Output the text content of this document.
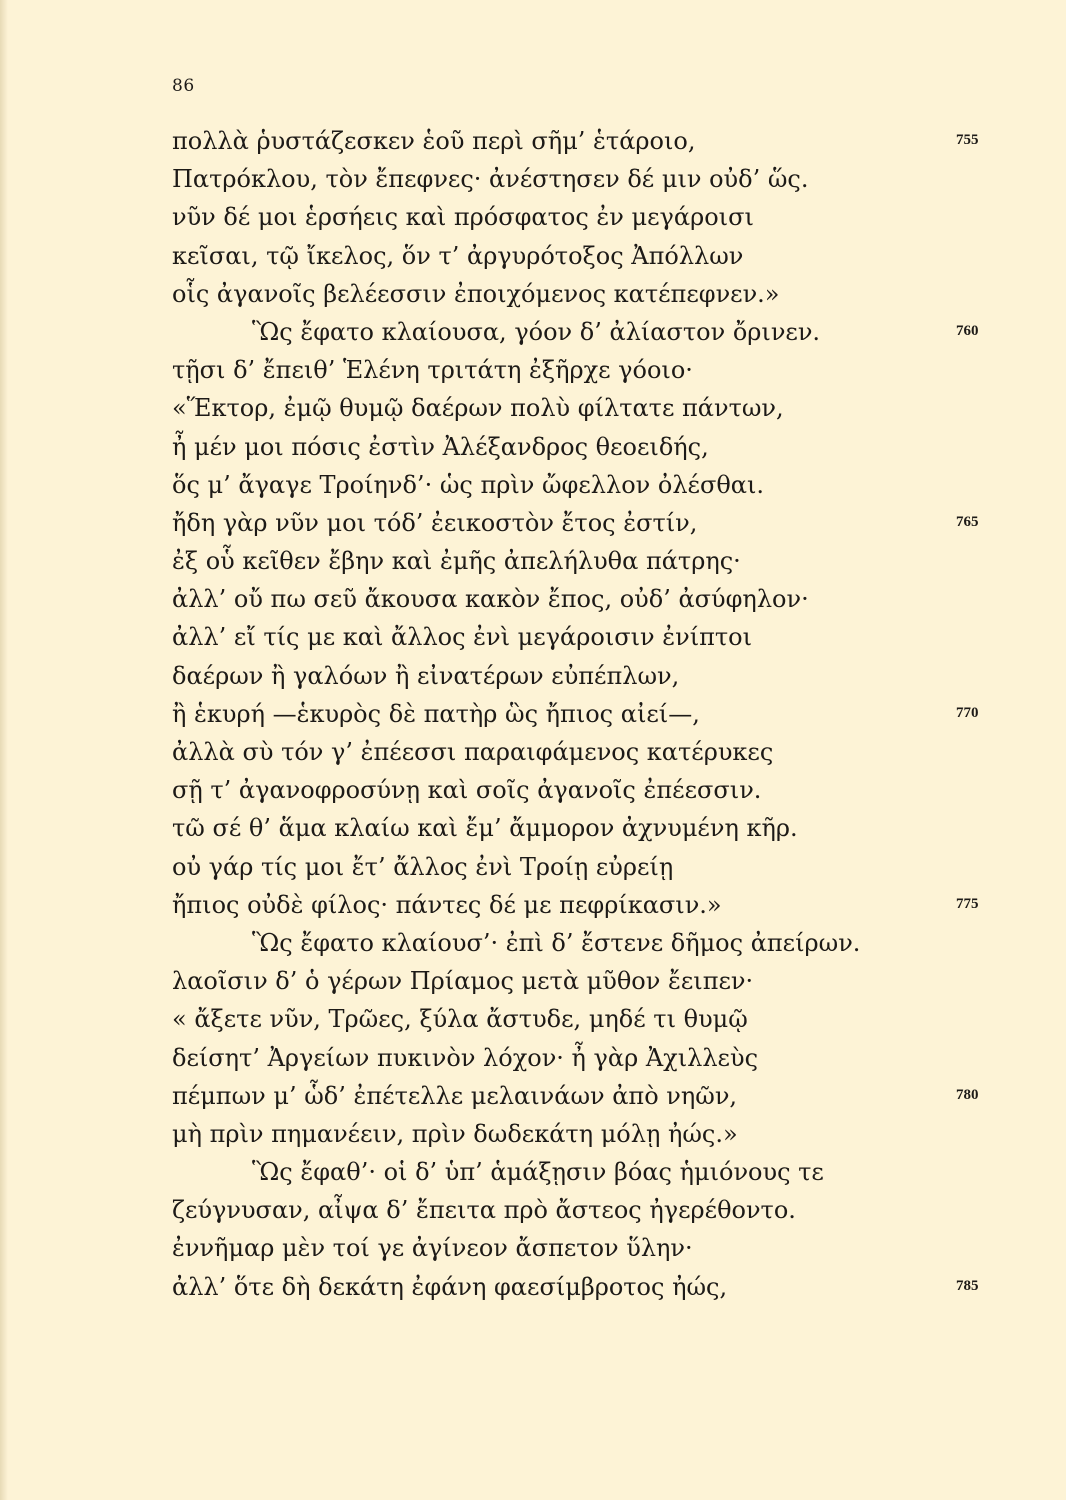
86
πολλὰ ῥυστάζεσκεν ἑοῦ περὶ σῆμ’ ἑτάροιο,	755
Πατρόκλου, τὸν ἔπεφνες· ἀνέστησεν δέ μιν οὐδ’ ὥς.
νῦν δέ μοι ἑρσήεις καὶ πρόσφατος ἐν μεγάροισι
κεῖσαι, τῷ ἴκελος, ὅν τ’ ἀργυρότοξος Ἀπόλλων
οἷς ἀγανοῖς βελέεσσιν ἐποιχόμενος κατέπεφνεν.»
Ὣς ἔφατο κλαίουσα, γόον δ’ ἀλίαστον ὄρινεν.	760
τῇσι δ’ ἔπειθ’ Ἑλένη τριτάτη ἐξῆρχε γόοιο·
«Ἕκτορ, ἐμῷ θυμῷ δαέρων πολὺ φίλτατε πάντων,
ἦ μέν μοι πόσις ἐστὶν Ἀλέξανδρος θεοειδής,
ὅς μ’ ἄγαγε Τροίηνδ’· ὡς πρὶν ὤφελλον ὀλέσθαι.
ἤδη γὰρ νῦν μοι τόδ’ ἐεικοστὸν ἔτος ἐστίν,	765
ἐξ οὗ κεῖθεν ἔβην καὶ ἐμῆς ἀπελήλυθα πάτρης·
ἀλλ’ οὔ πω σεῦ ἄκουσα κακὸν ἔπος, οὐδ’ ἀσύφηλον·
ἀλλ’ εἴ τίς με καὶ ἄλλος ἐνὶ μεγάροισιν ἐνίπτοι
δαέρων ἢ γαλόων ἢ εἰνατέρων εὐπέπλων,
ἢ ἑκυρή —ἑκυρὸς δὲ πατὴρ ὣς ἤπιος αἰεί—,	770
ἀλλὰ σὺ τόν γ’ ἐπέεσσι παραιφάμενος κατέρυκες
σῇ τ’ ἀγανοφροσύνῃ καὶ σοῖς ἀγανοῖς ἐπέεσσιν.
τῶ σέ θ’ ἅμα κλαίω καὶ ἔμ’ ἄμμορον ἀχνυμένη κῆρ.
οὐ γάρ τίς μοι ἔτ’ ἄλλος ἐνὶ Τροίῃ εὐρείῃ
ἤπιος οὐδὲ φίλος· πάντες δέ με πεφρίκασιν.»	775
Ὣς ἔφατο κλαίουσ’· ἐπὶ δ’ ἔστενε δῆμος ἀπείρων.
λαοῖσιν δ’ ὁ γέρων Πρίαμος μετὰ μῦθον ἔειπεν·
« ἄξετε νῦν, Τρῶες, ξύλα ἄστυδε, μηδέ τι θυμῷ
δείσητ’ Ἀργείων πυκινὸν λόχον· ἦ γὰρ Ἀχιλλεὺς
πέμπων μ’ ὧδ’ ἐπέτελλε μελαινάων ἀπὸ νηῶν,	780
μὴ πρὶν πημανέειν, πρὶν δωδεκάτη μόλῃ ἠώς.»
Ὣς ἔφαθ’· οἱ δ’ ὑπ’ ἁμάξῃσιν βόας ἡμιόνους τε
ζεύγνυσαν, αἶψα δ’ ἔπειτα πρὸ ἄστεος ἠγερέθοντο.
ἐννῆμαρ μὲν τοί γε ἀγίνεον ἄσπετον ὕλην·
ἀλλ’ ὅτε δὴ δεκάτη ἐφάνη φαεσίμβροτος ἠώς,	785
